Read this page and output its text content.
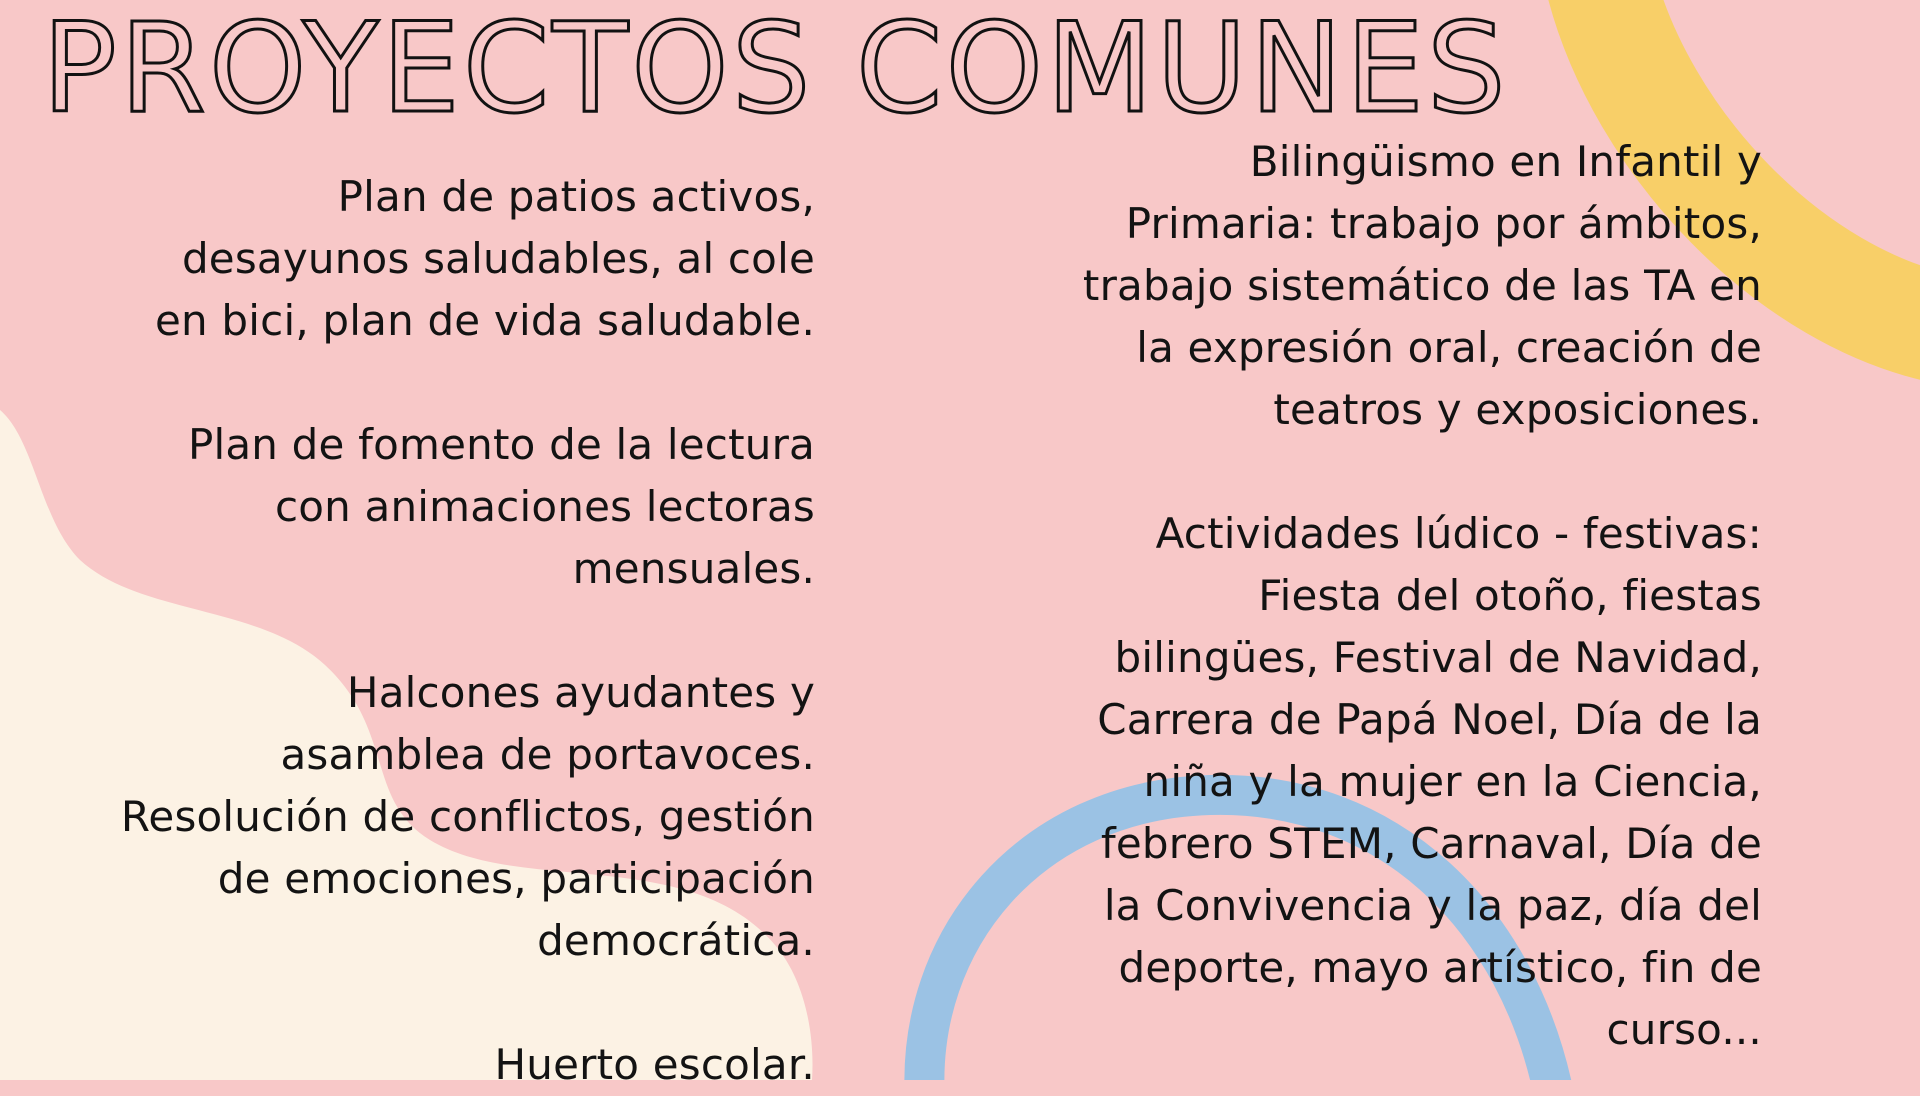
PROYECTOS COMUNES

Plan de patios activos,
desayunos saludables, al cole
en bici, plan de vida saludable.

Plan de fomento de la lectura
con animaciones lectoras
mensuales.

Halcones ayudantes y
asamblea de portavoces.
Resolución de conflictos, gestión
de emociones, participación
democrática.

Huerto escolar.

Bilingüismo en Infantil y
Primaria: trabajo por ámbitos,
trabajo sistemático de las TA en
la expresión oral, creación de
teatros y exposiciones.

Actividades lúdico - festivas:
Fiesta del otoño, fiestas
bilingües, Festival de Navidad,
Carrera de Papá Noel, Día de la
niña y la mujer en la Ciencia,
febrero STEM, Carnaval, Día de
la Convivencia y la paz, día del
deporte, mayo artístico, fin de
curso...
